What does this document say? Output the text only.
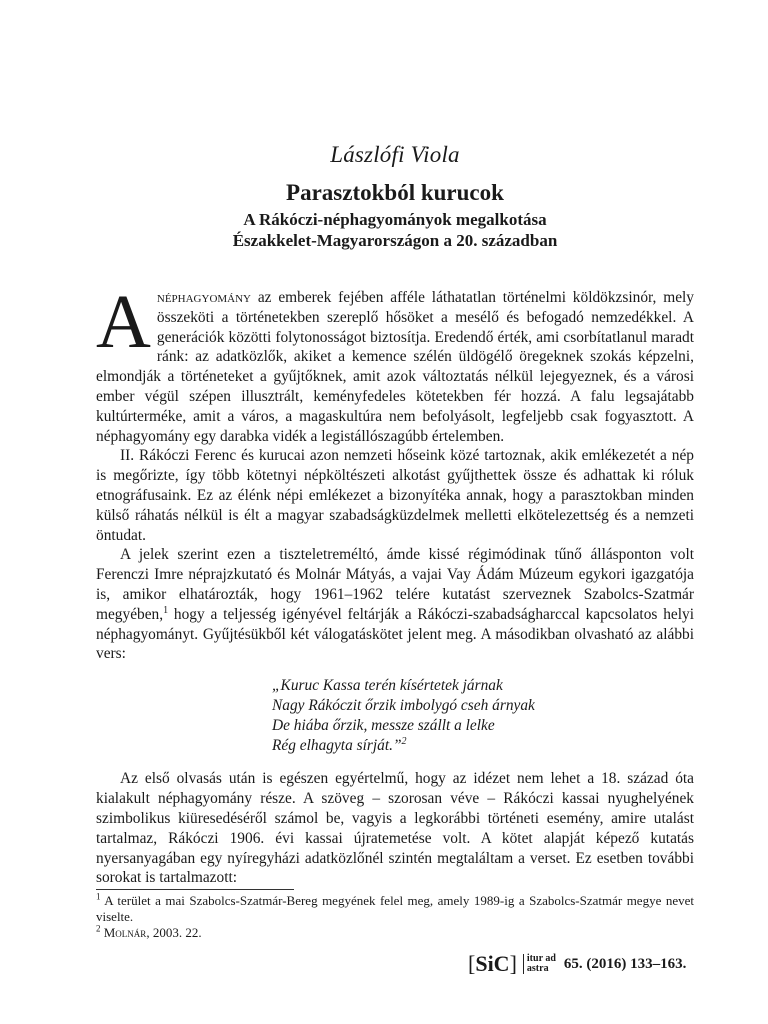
Lászlófi Viola
Parasztokból kurucok
A Rákóczi-néphagyományok megalkotása
Északkelet-Magyarországon a 20. században

Anéphagyomány az emberek fejében afféle láthatatlan történelmi köldökzsinór, mely összeköti a történetekben szereplő hősöket a mesélő és befogadó nemzedékkel. A generációk közötti folytonosságot biztosítja. Eredendő érték, ami csorbítatlanul maradt ránk: az adatközlők, akiket a kemence szélén üldögélő öregeknek szokás képzelni, elmondják a történeteket a gyűjtőknek, amit azok változtatás nélkül lejegyeznek, és a városi ember végül szépen illusztrált, keményfedeles kötetekben fér hozzá. A falu legsajátabb kultúrterméke, amit a város, a magaskultúra nem befolyásolt, legfeljebb csak fogyasztott. A néphagyomány egy darabka vidék a legistállószagúbb értelemben.

II. Rákóczi Ferenc és kurucai azon nemzeti hőseink közé tartoznak, akik emlékezetét a nép is megőrizte, így több kötetnyi népköltészeti alkotást gyűjthettek össze és adhattak ki róluk etnográfusaink. Ez az élénk népi emlékezet a bizonyítéka annak, hogy a parasztokban minden külső ráhatás nélkül is élt a magyar szabadságküzdelmek melletti elkötelezettség és a nemzeti öntudat.

A jelek szerint ezen a tiszteletreméltó, ámde kissé régimódinak tűnő állásponton volt Ferenczi Imre néprajzkutató és Molnár Mátyás, a vajai Vay Ádám Múzeum egykori igazgatója is, amikor elhatározták, hogy 1961–1962 telére kutatást szerveznek Szabolcs-Szatmár megyében,$^1$ hogy a teljesség igényével feltárják a Rákóczi-szabadságharccal kapcsolatos helyi néphagyományt. Gyűjtésükből két válogatáskötet jelent meg. A másodikban olvasható az alábbi vers:

„Kuruc Kassa terén kísértetek járnak
Nagy Rákóczit őrzik imbolygó cseh árnyak
De hiába őrzik, messze szállt a lelke
Rég elhagyta sírját.”$^2$

Az első olvasás után is egészen egyértelmű, hogy az idézet nem lehet a 18. század óta kialakult néphagyomány része. A szöveg – szorosan véve – Rákóczi kassai nyughelyének szimbolikus kiüresedéséről számol be, vagyis a legkorábbi történeti esemény, amire utalást tartalmaz, Rákóczi 1906. évi kassai újratemetése volt. A kötet alapját képező kutatás nyersanyagában egy nyíregyházi adatközlőnél szintén megtaláltam a verset. Ez esetben további sorokat is tartalmazott:

$^1$ A terület a mai Szabolcs-Szatmár-Bereg megyének felel meg, amely 1989-ig a Szabolcs-Szatmár megye nevet viselte.

$^2$ Molnár, 2003. 22.

[SiC] itur ad
astra	65. (2016) 133–163.
